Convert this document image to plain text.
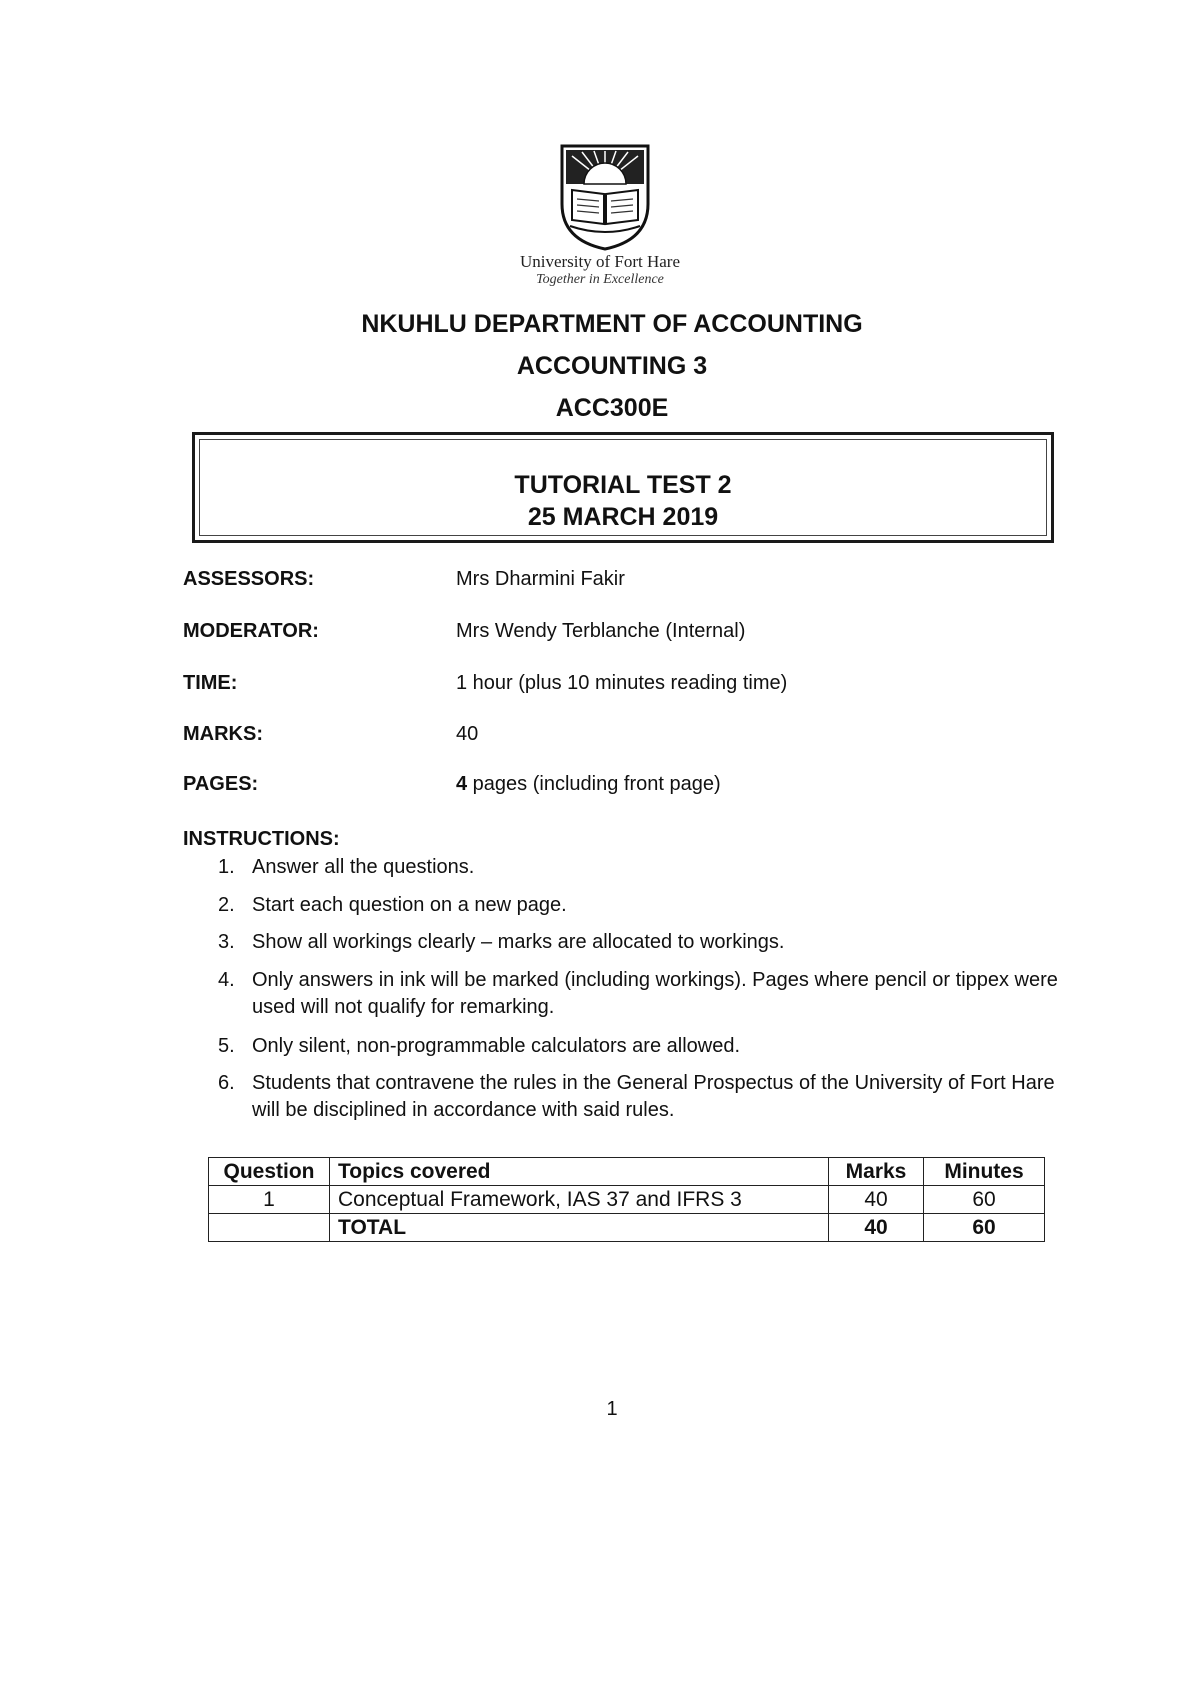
University of Fort Hare
Together in Excellence
NKUHLU DEPARTMENT OF ACCOUNTING
ACCOUNTING 3
ACC300E
TUTORIAL TEST 2
25 MARCH 2019
ASSESSORS:	Mrs Dharmini Fakir
MODERATOR:	Mrs Wendy Terblanche (Internal)
TIME:	1 hour (plus 10 minutes reading time)
MARKS:	40
PAGES:	4 pages (including front page)
INSTRUCTIONS:
1. Answer all the questions.
2. Start each question on a new page.
3. Show all workings clearly – marks are allocated to workings.
4. Only answers in ink will be marked (including workings). Pages where pencil or tippex were used will not qualify for remarking.
5. Only silent, non-programmable calculators are allowed.
6. Students that contravene the rules in the General Prospectus of the University of Fort Hare will be disciplined in accordance with said rules.
Question	Topics covered	Marks	Minutes
1	Conceptual Framework, IAS 37 and IFRS 3	40	60
	TOTAL	40	60
1
